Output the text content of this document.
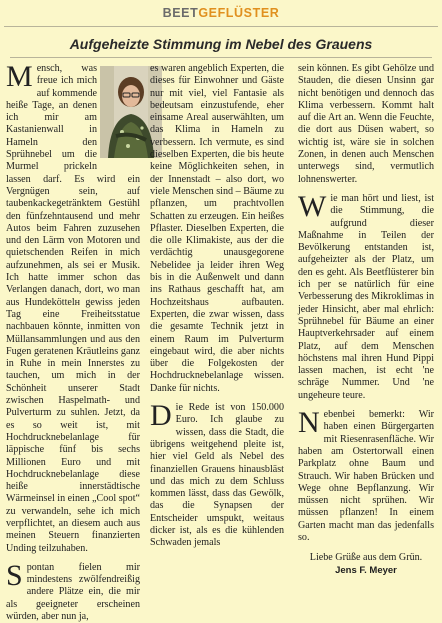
BEETGEFLÜSTER
Aufgeheizte Stimmung im Nebel des Grauens

M ensch, was freue ich mich auf kommende heiße Tage, an denen ich mir am Kastanienwall in Hameln den Sprühnebel um die Murmel prickeln lassen darf. Es wird ein Vergnügen sein, auf taubenkackegetränktem Gestühl den fünfzehntausend und mehr Autos beim Fahren zuzusehen und den Lärm von Motoren und quietschenden Reifen in mich aufzunehmen, als sei er Musik. Ich hatte immer schon das Verlangen danach, dort, wo man aus Hundeköttelн gewiss jeden Tag eine Freiheitsstatue nachbauen könnte, inmitten von Müllansammlungen und aus den Fugen geratenen Kräutleins ganz in Ruhe in mein Innerstes zu tauchen, um mich in der Schönheit unserer Stadt zwischen Haspelmath- und Pulverturm zu suhlen. Jetzt, da es so weit ist, mit Hochdrucknebelanlage für läppische fünf bis sechs Millionen Euro und mit Hochdrucknebelanlage diese heiße innerstädtische Wärmeinsel in einen „Cool spot“ zu verwandeln, sehe ich mich verpflichtet, an diesem auch aus meinen Steuern finanzierten Unding teilzuhaben.

Spontan fielen mir mindestens zwölfendreißig andere Plätze ein, die mir als geeigneter erscheinen würden, aber nun ja,

es waren angeblich Experten, die dieses für Einwohner und Gäste nur mit viel, viel Fantasie als bedeutsam einzustufende, eher einsame Areal auserwählten, um das Klima in Hameln zu verbessern. Ich vermute, es sind dieselben Experten, die bis heute keine Möglichkeiten sehen, in der Innenstadt – also dort, wo viele Menschen sind – Bäume zu pflanzen, um prachtvollen Schatten zu erzeugen. Ein heißes Pflaster. Dieselben Experten, die die olle Klimakiste, aus der die verdächtig unausgegorene Nebelidee ja leider ihren Weg bis in die Außenwelt und dann ins Rathaus geschafft hat, am Hochzeitshaus aufbauten. Experten, die zwar wissen, dass die gesamte Technik jetzt in einem Raum im Pulverturm eingebaut wird, die aber nichts über die Folgekosten der Hochdrucknebelanlage wissen. Danke für nichts.

Die Rede ist von 150.000 Euro. Ich glaube zu wissen, dass die Stadt, die übrigens weitgehend pleite ist, hier viel Geld als Nebel des finanziellen Grauens hinausbläst und das mich zu dem Schluss kommen lässt, dass das Gewölk, das die Synapsen der Entscheider umspukt, weitaus dicker ist, als es die kühlenden Schwaden jemals

sein können. Es gibt Gehölze und Stauden, die diesen Unsinn gar nicht benötigen und dennoch das Klima verbessern. Kommt halt auf die Art an. Wenn die Feuchte, die dort aus Düsen wabert, so wichtig ist, wäre sie in solchen Zonen, in denen auch Menschen unterwegs sind, vermutlich lohnenswerter.

Wie man hört und liest, ist die Stimmung, die aufgrund dieser Maßnahme in Teilen der Bevölkerung entstanden ist, aufgeheizter als der Platz, um den es geht. Als Beetflüsterer bin ich per se natürlich für eine Verbesserung des Mikroklimas in jeder Hinsicht, aber mal ehrlich: Sprühnebel für Bäume an einer Hauptverkehrsader auf einem Platz, auf dem Menschen höchstens mal ihren Hund Pippi lassen machen, ist echt 'ne schräge Nummer. Und 'ne ungeheure teure.

Nebenbei bemerkt: Wir haben einen Bürgergarten mit Riesenrasenfläche. Wir haben am Ostertorwall einen Parkplatz ohne Baum und Strauch. Wir haben Brücken und Wege ohne Bepflanzung. Wir müssen nicht sprühen. Wir müssen pflanzen! In einem Garten macht man das jedenfalls so.

Liebe Grüße aus dem Grün.
Jens F. Meyer
